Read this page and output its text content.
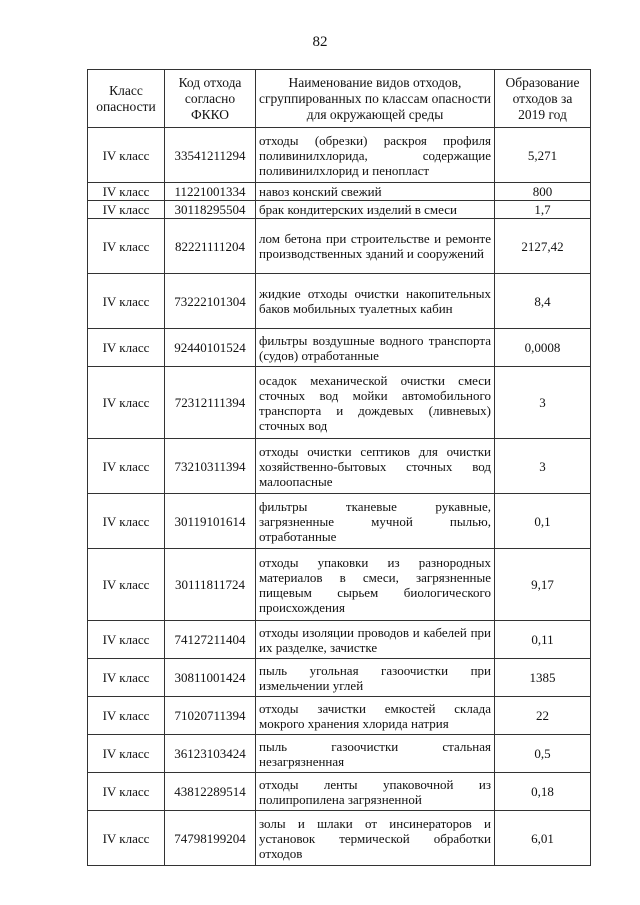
82
Класс опасности	Код отхода согласно ФККО	Наименование видов отходов, сгруппированных по классам опасности для окружающей среды	Образование отходов за 2019 год
IV класс	33541211294	отходы (обрезки) раскроя профиля поливинилхлорида, содержащие поливинилхлорид и пенопласт	5,271
IV класс	11221001334	навоз конский свежий	800
IV класс	30118295504	брак кондитерских изделий в смеси	1,7
IV класс	82221111204	лом бетона при строительстве и ремонте производственных зданий и сооружений	2127,42
IV класс	73222101304	жидкие отходы очистки накопительных баков мобильных туалетных кабин	8,4
IV класс	92440101524	фильтры воздушные водного транспорта (судов) отработанные	0,0008
IV класс	72312111394	осадок механической очистки смеси сточных вод мойки автомобильного транспорта и дождевых (ливневых) сточных вод	3
IV класс	73210311394	отходы очистки септиков для очистки хозяйственно-бытовых сточных вод малоопасные	3
IV класс	30119101614	фильтры тканевые рукавные, загрязненные мучной пылью, отработанные	0,1
IV класс	30111811724	отходы упаковки из разнородных материалов в смеси, загрязненные пищевым сырьем биологического происхождения	9,17
IV класс	74127211404	отходы изоляции проводов и кабелей при их разделке, зачистке	0,11
IV класс	30811001424	пыль угольная газоочистки при измельчении углей	1385
IV класс	71020711394	отходы зачистки емкостей склада мокрого хранения хлорида натрия	22
IV класс	36123103424	пыль газоочистки стальная незагрязненная	0,5
IV класс	43812289514	отходы ленты упаковочной из полипропилена загрязненной	0,18
IV класс	74798199204	золы и шлаки от инсинераторов и установок термической обработки отходов	6,01
